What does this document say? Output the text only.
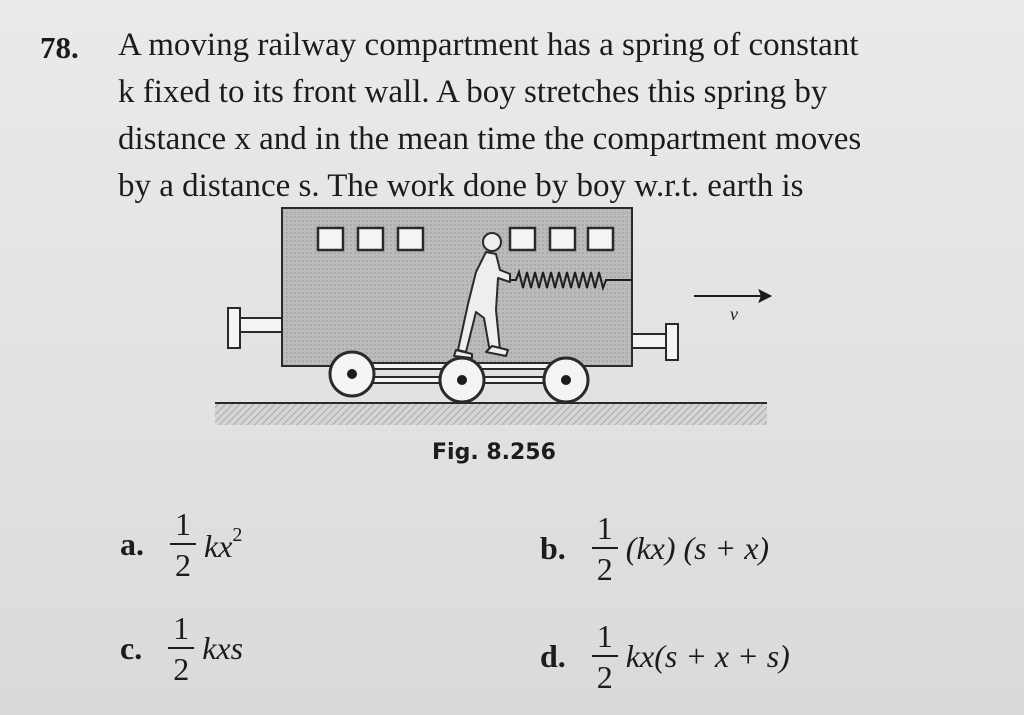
78. A moving railway compartment has a spring of constant
k fixed to its front wall. A boy stretches this spring by
distance x and in the mean time the compartment moves
by a distance s. The work done by boy w.r.t. earth is
v
Fig. 8.256
a. $\frac{1}{2} kx^2$	b. $\frac{1}{2} (kx) (s + x)$
c. $\frac{1}{2}$ kxs	d. $\frac{1}{2} kx(s + x + s)$
